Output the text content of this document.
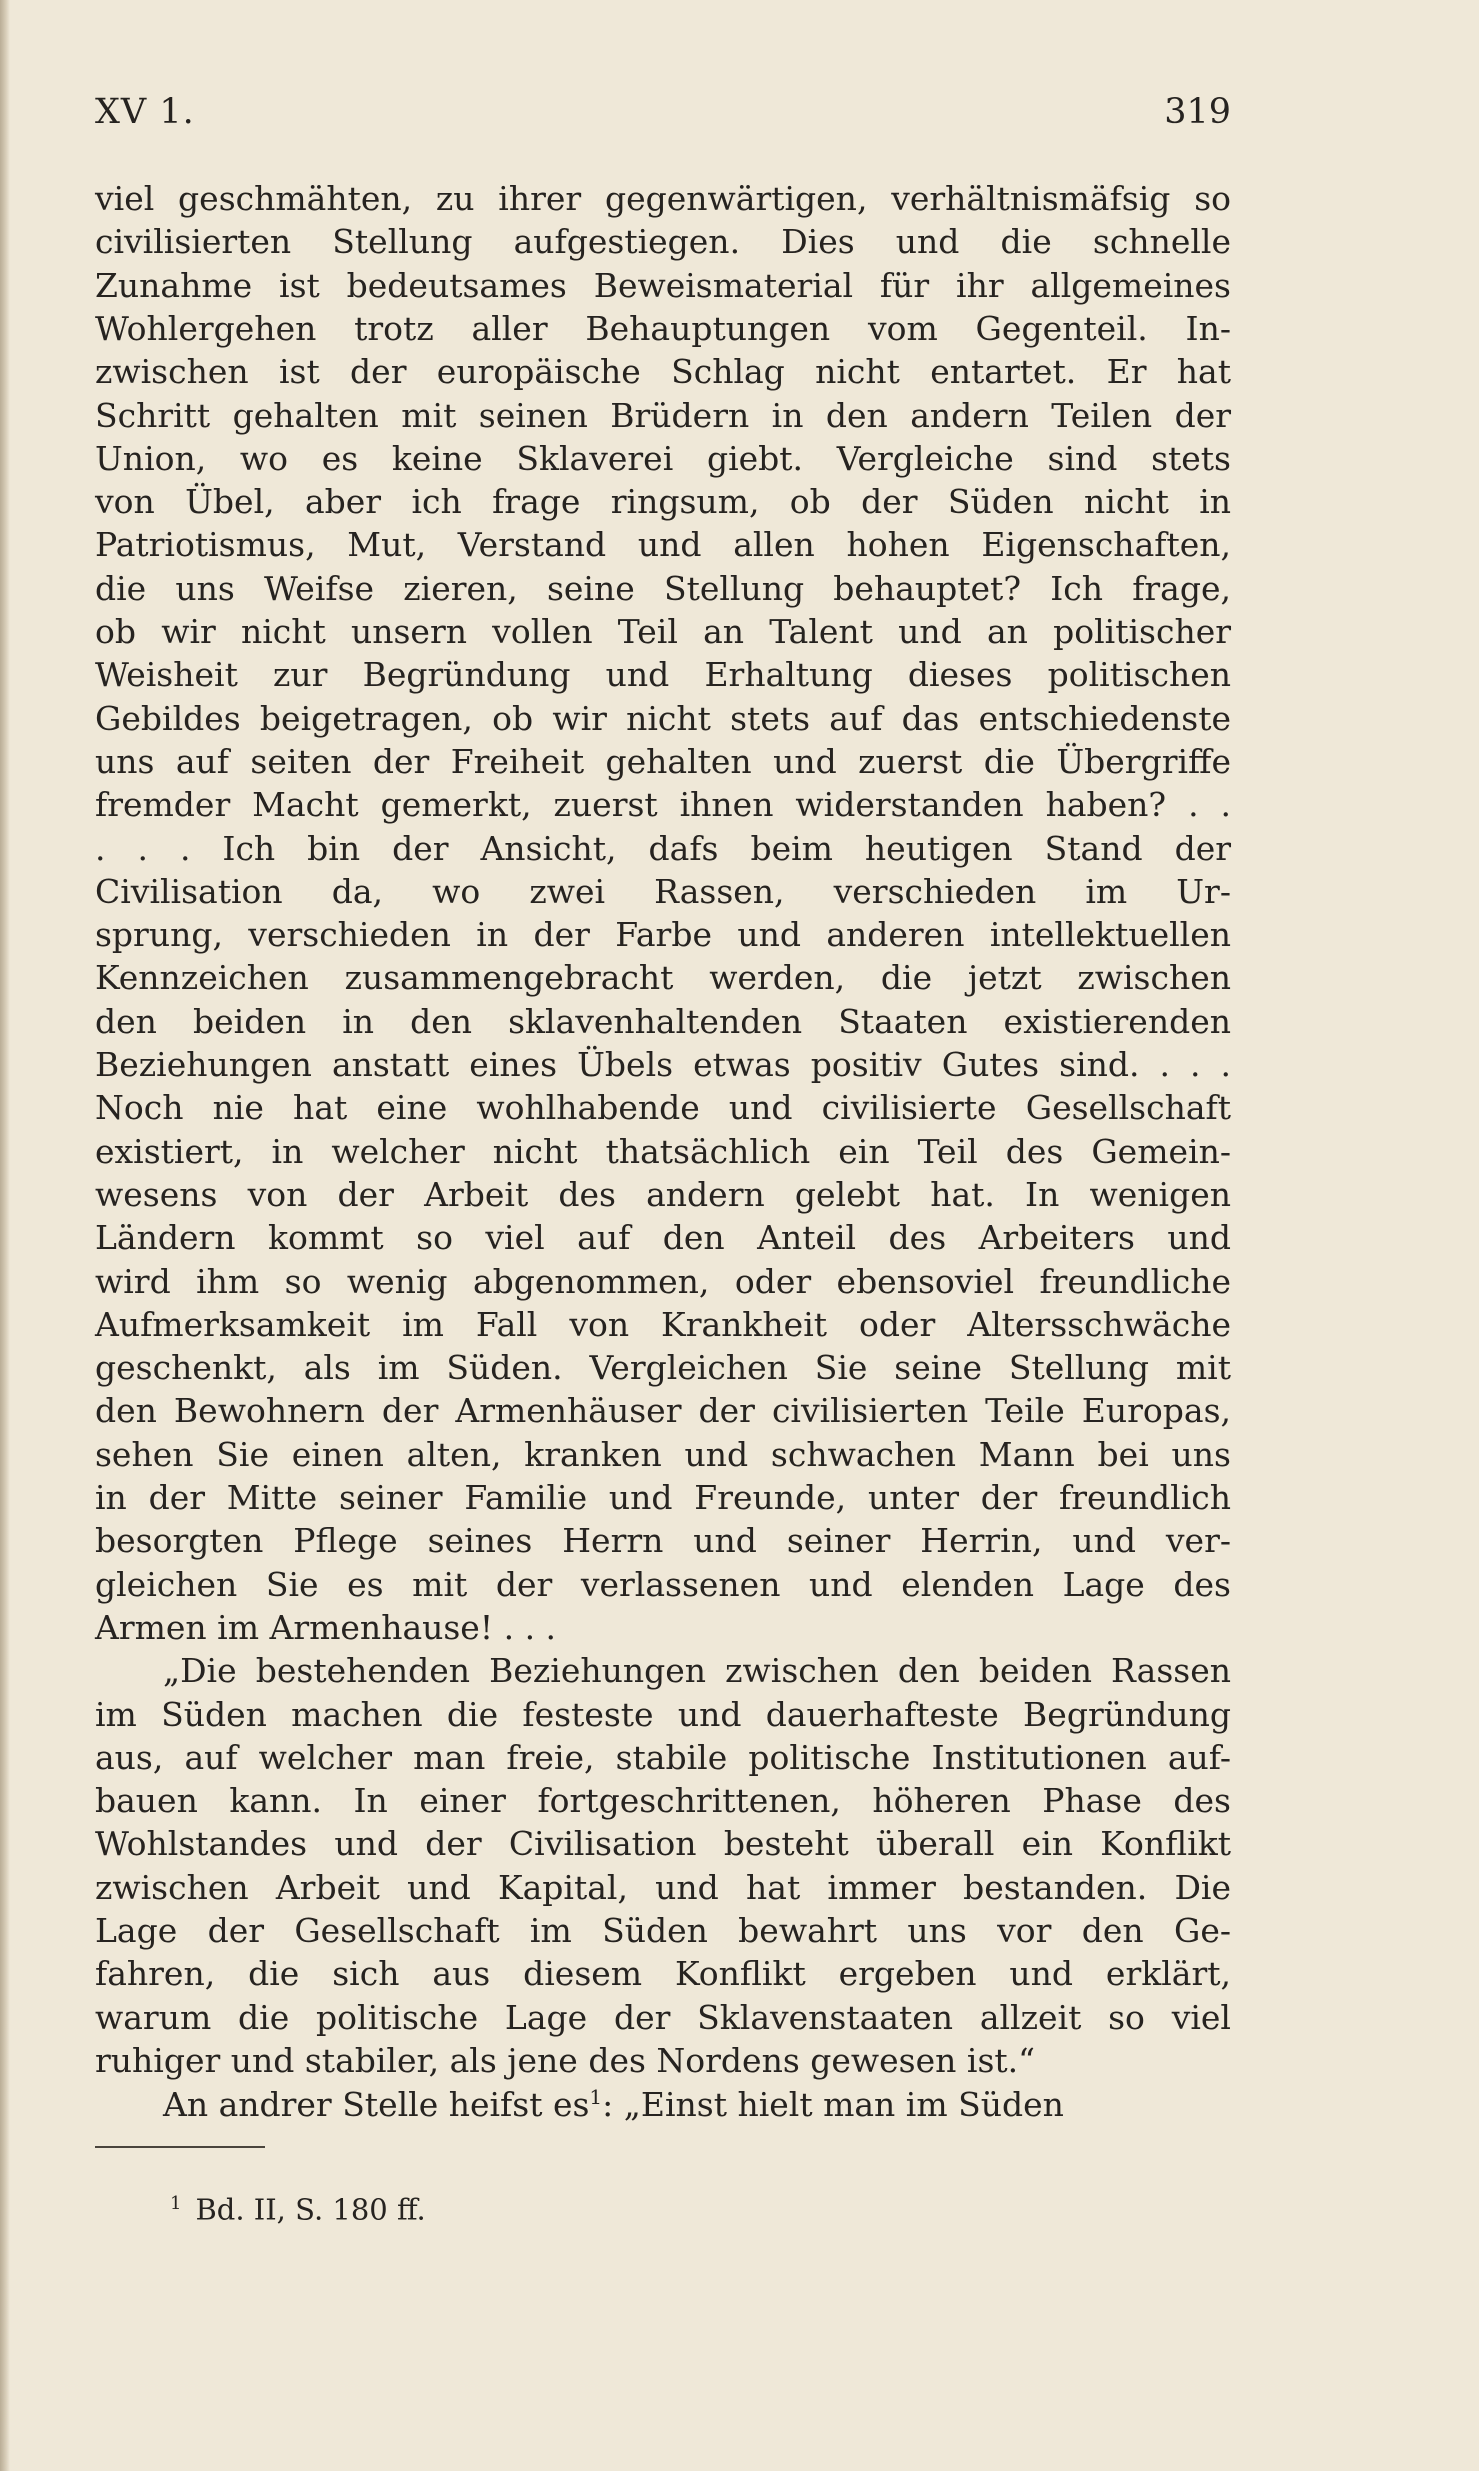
XV 1.	319
viel geschmähten, zu ihrer gegenwärtigen, verhältnismäfsig so
civilisierten Stellung aufgestiegen. Dies und die schnelle
Zunahme ist bedeutsames Beweismaterial für ihr allgemeines
Wohlergehen trotz aller Behauptungen vom Gegenteil. In-
zwischen ist der europäische Schlag nicht entartet. Er hat
Schritt gehalten mit seinen Brüdern in den andern Teilen der
Union, wo es keine Sklaverei giebt. Vergleiche sind stets
von Übel, aber ich frage ringsum, ob der Süden nicht in
Patriotismus, Mut, Verstand und allen hohen Eigenschaften,
die uns Weifse zieren, seine Stellung behauptet? Ich frage,
ob wir nicht unsern vollen Teil an Talent und an politischer
Weisheit zur Begründung und Erhaltung dieses politischen
Gebildes beigetragen, ob wir nicht stets auf das entschiedenste
uns auf seiten der Freiheit gehalten und zuerst die Übergriffe
fremder Macht gemerkt, zuerst ihnen widerstanden haben? . .
. . . Ich bin der Ansicht, dafs beim heutigen Stand der
Civilisation da, wo zwei Rassen, verschieden im Ur-
sprung, verschieden in der Farbe und anderen intellektuellen
Kennzeichen zusammengebracht werden, die jetzt zwischen
den beiden in den sklavenhaltenden Staaten existierenden
Beziehungen anstatt eines Übels etwas positiv Gutes sind. . . .
Noch nie hat eine wohlhabende und civilisierte Gesellschaft
existiert, in welcher nicht thatsächlich ein Teil des Gemein-
wesens von der Arbeit des andern gelebt hat. In wenigen
Ländern kommt so viel auf den Anteil des Arbeiters und
wird ihm so wenig abgenommen, oder ebensoviel freundliche
Aufmerksamkeit im Fall von Krankheit oder Altersschwäche
geschenkt, als im Süden. Vergleichen Sie seine Stellung mit
den Bewohnern der Armenhäuser der civilisierten Teile Europas,
sehen Sie einen alten, kranken und schwachen Mann bei uns
in der Mitte seiner Familie und Freunde, unter der freundlich
besorgten Pflege seines Herrn und seiner Herrin, und ver-
gleichen Sie es mit der verlassenen und elenden Lage des
Armen im Armenhause! . . .
„Die bestehenden Beziehungen zwischen den beiden Rassen
im Süden machen die festeste und dauerhafteste Begründung
aus, auf welcher man freie, stabile politische Institutionen auf-
bauen kann. In einer fortgeschrittenen, höheren Phase des
Wohlstandes und der Civilisation besteht überall ein Konflikt
zwischen Arbeit und Kapital, und hat immer bestanden. Die
Lage der Gesellschaft im Süden bewahrt uns vor den Ge-
fahren, die sich aus diesem Konflikt ergeben und erklärt,
warum die politische Lage der Sklavenstaaten allzeit so viel
ruhiger und stabiler, als jene des Nordens gewesen ist.“
An andrer Stelle heifst es$^1$: „Einst hielt man im Süden
$^1$ Bd. II, S. 180 ff.
